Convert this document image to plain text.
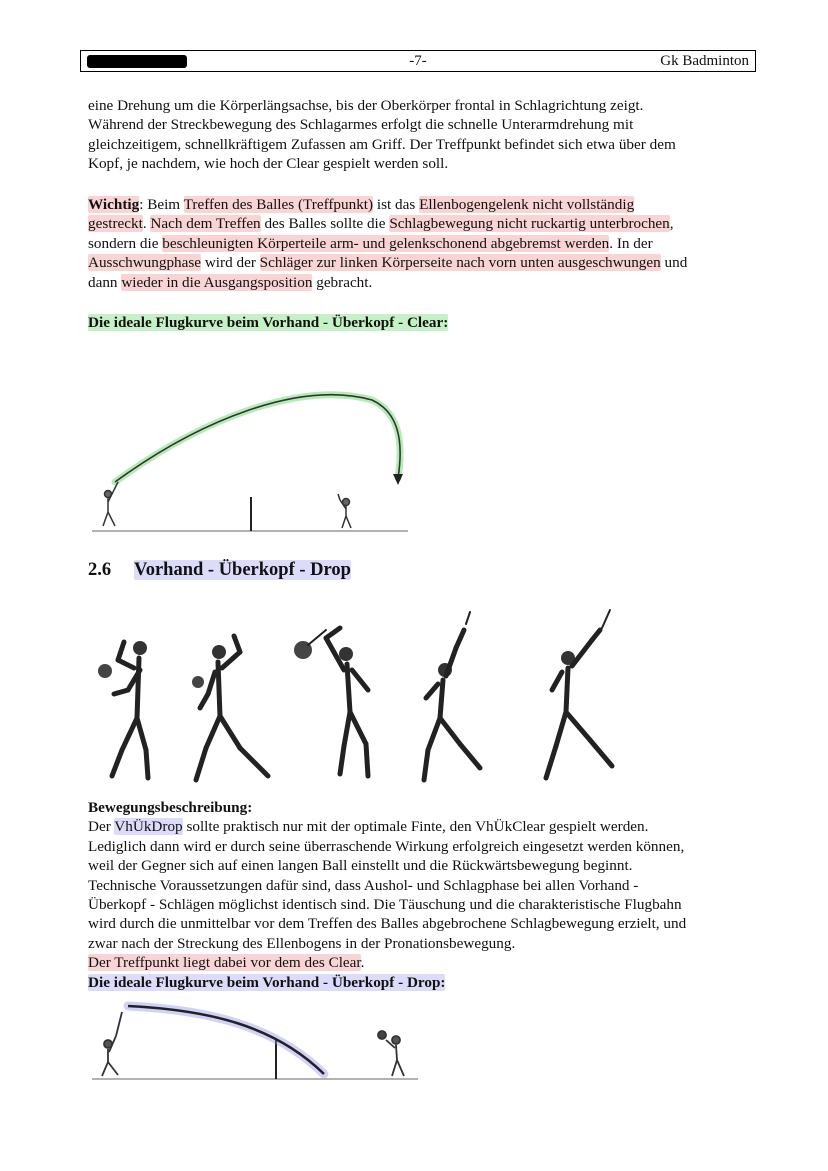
-7-	Gk Badminton
eine Drehung um die Körperlängsachse, bis der Oberkörper frontal in Schlagrichtung zeigt.
Während der Streckbewegung des Schlagarmes erfolgt die schnelle Unterarmdrehung mit
gleichzeitigem, schnellkräftigem Zufassen am Griff. Der Treffpunkt befindet sich etwa über dem
Kopf, je nachdem, wie hoch der Clear gespielt werden soll.
Wichtig: Beim Treffen des Balles (Treffpunkt) ist das Ellenbogengelenk nicht vollständig
gestreckt. Nach dem Treffen des Balles sollte die Schlagbewegung nicht ruckartig unterbrochen,
sondern die beschleunigten Körperteile arm- und gelenkschonend abgebremst werden. In der
Ausschwungphase wird der Schläger zur linken Körperseite nach vorn unten ausgeschwungen und
dann wieder in die Ausgangsposition gebracht.
Die ideale Flugkurve beim Vorhand - Überkopf - Clear:
2.6 Vorhand - Überkopf - Drop
Bewegungsbeschreibung:
Der VhÜkDrop sollte praktisch nur mit der optimale Finte, den VhÜkClear gespielt werden.
Lediglich dann wird er durch seine überraschende Wirkung erfolgreich eingesetzt werden können,
weil der Gegner sich auf einen langen Ball einstellt und die Rückwärtsbewegung beginnt.
Technische Voraussetzungen dafür sind, dass Aushol- und Schlagphase bei allen Vorhand -
Überkopf - Schlägen möglichst identisch sind. Die Täuschung und die charakteristische Flugbahn
wird durch die unmittelbar vor dem Treffen des Balles abgebrochene Schlagbewegung erzielt, und
zwar nach der Streckung des Ellenbogens in der Pronationsbewegung.
Der Treffpunkt liegt dabei vor dem des Clear.
Die ideale Flugkurve beim Vorhand - Überkopf - Drop:
